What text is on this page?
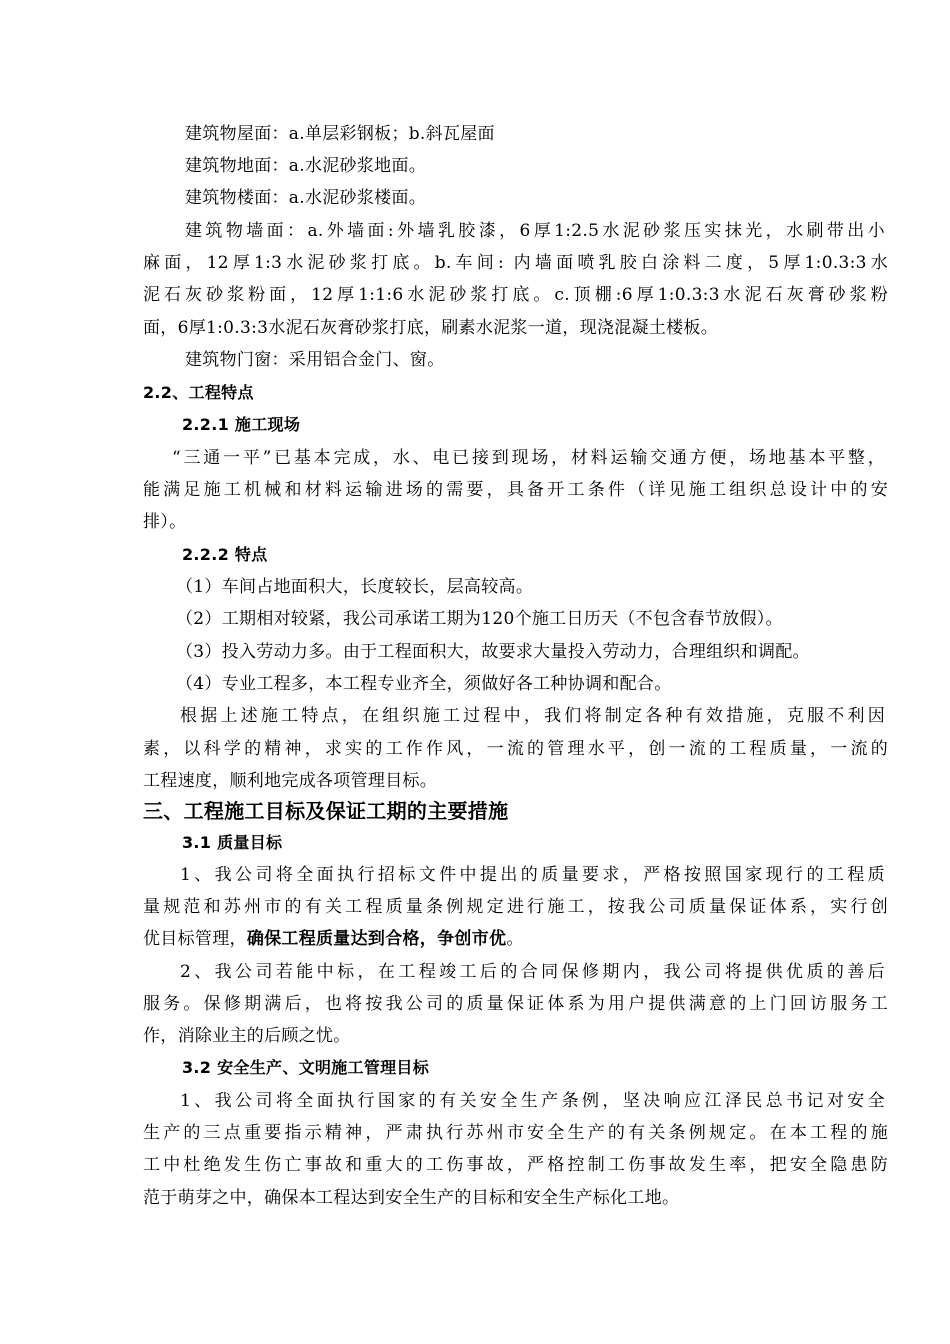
建筑物屋面：a.单层彩钢板；b.斜瓦屋面
建筑物地面：a.水泥砂浆地面。
建筑物楼面：a.水泥砂浆楼面。
建筑物墙面：a.外墙面:外墙乳胶漆，6厚1:2.5水泥砂浆压实抹光，水刷带出小
麻面，12厚1:3水泥砂浆打底。b.车间: 内墙面喷乳胶白涂料二度，5厚1:0.3:3水
泥石灰砂浆粉面，12厚1:1:6水泥砂浆打底。c.顶棚:6厚1:0.3:3水泥石灰膏砂浆粉
面，6厚1:0.3:3水泥石灰膏砂浆打底，刷素水泥浆一道，现浇混凝土楼板。
建筑物门窗：采用铝合金门、窗。
2.2、工程特点
2.2.1 施工现场
“三通一平”已基本完成，水、电已接到现场，材料运输交通方便，场地基本平整，
能满足施工机械和材料运输进场的需要，具备开工条件（详见施工组织总设计中的安
排）。
2.2.2 特点
（1）车间占地面积大，长度较长，层高较高。
（2）工期相对较紧，我公司承诺工期为120个施工日历天（不包含春节放假）。
（3）投入劳动力多。由于工程面积大，故要求大量投入劳动力，合理组织和调配。
（4）专业工程多，本工程专业齐全，须做好各工种协调和配合。
根据上述施工特点，在组织施工过程中，我们将制定各种有效措施，克服不利因
素，以科学的精神，求实的工作作风，一流的管理水平，创一流的工程质量，一流的
工程速度，顺利地完成各项管理目标。
三、工程施工目标及保证工期的主要措施
3.1 质量目标
1、我公司将全面执行招标文件中提出的质量要求，严格按照国家现行的工程质
量规范和苏州市的有关工程质量条例规定进行施工，按我公司质量保证体系，实行创
优目标管理，确保工程质量达到合格，争创市优。
2、我公司若能中标，在工程竣工后的合同保修期内，我公司将提供优质的善后
服务。保修期满后，也将按我公司的质量保证体系为用户提供满意的上门回访服务工
作，消除业主的后顾之忧。
3.2 安全生产、文明施工管理目标
1、我公司将全面执行国家的有关安全生产条例，坚决响应江泽民总书记对安全
生产的三点重要指示精神，严肃执行苏州市安全生产的有关条例规定。在本工程的施
工中杜绝发生伤亡事故和重大的工伤事故，严格控制工伤事故发生率，把安全隐患防
范于萌芽之中，确保本工程达到安全生产的目标和安全生产标化工地。
